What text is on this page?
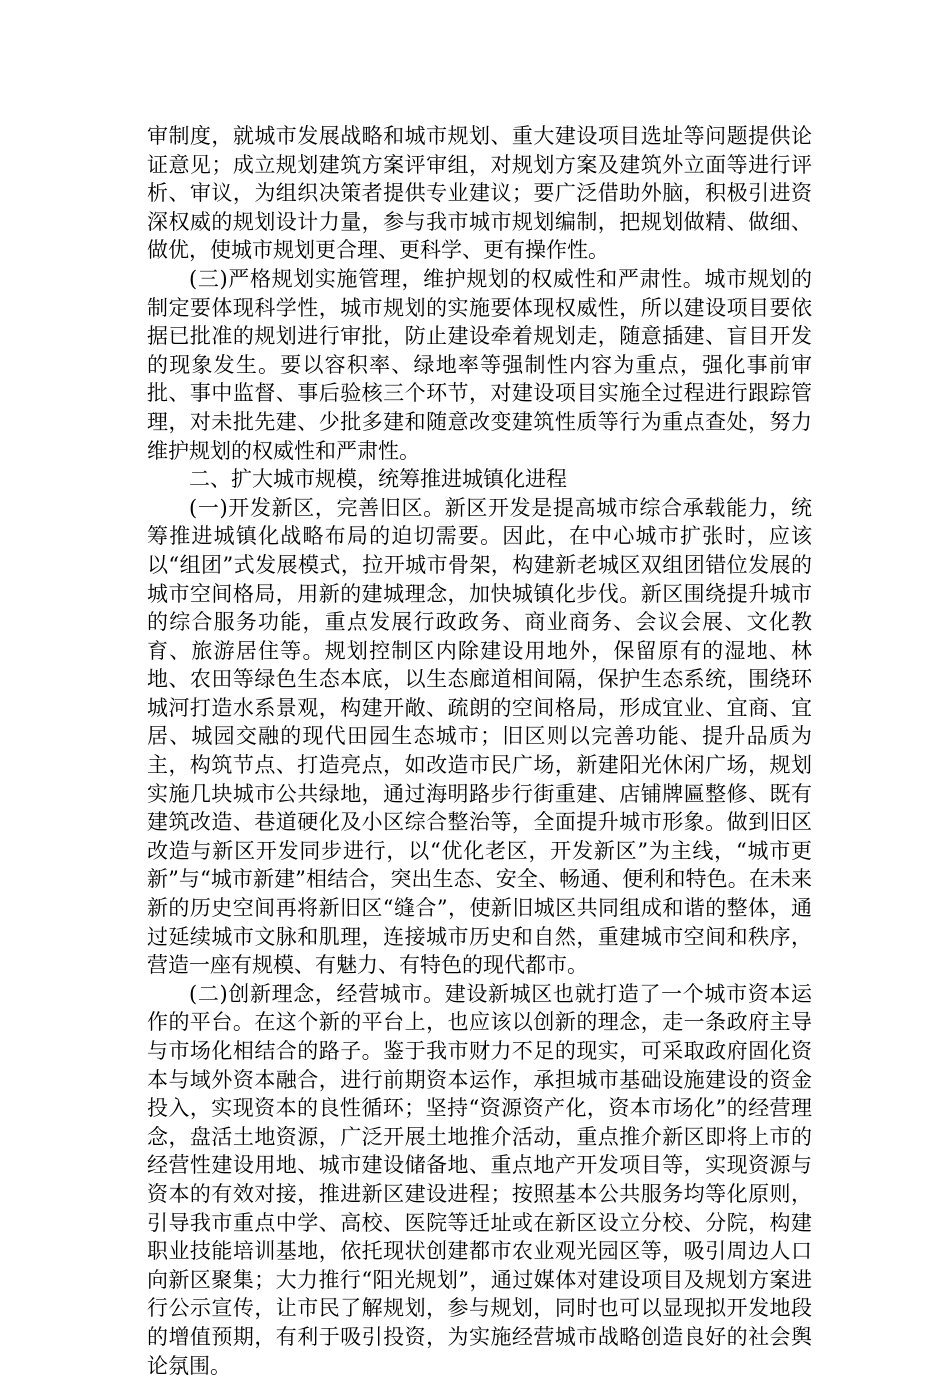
审制度，就城市发展战略和城市规划、重大建设项目选址等问题提供论证意见；成立规划建筑方案评审组，对规划方案及建筑外立面等进行评析、审议，为组织决策者提供专业建议；要广泛借助外脑，积极引进资深权威的规划设计力量，参与我市城市规划编制，把规划做精、做细、做优，使城市规划更合理、更科学、更有操作性。

(三)严格规划实施管理，维护规划的权威性和严肃性。城市规划的制定要体现科学性，城市规划的实施要体现权威性，所以建设项目要依据已批准的规划进行审批，防止建设牵着规划走，随意插建、盲目开发的现象发生。要以容积率、绿地率等强制性内容为重点，强化事前审批、事中监督、事后验核三个环节，对建设项目实施全过程进行跟踪管理，对未批先建、少批多建和随意改变建筑性质等行为重点查处，努力维护规划的权威性和严肃性。

二、扩大城市规模，统筹推进城镇化进程

(一)开发新区，完善旧区。新区开发是提高城市综合承载能力，统筹推进城镇化战略布局的迫切需要。因此，在中心城市扩张时，应该以“组团”式发展模式，拉开城市骨架，构建新老城区双组团错位发展的城市空间格局，用新的建城理念，加快城镇化步伐。新区围绕提升城市的综合服务功能，重点发展行政政务、商业商务、会议会展、文化教育、旅游居住等。规划控制区内除建设用地外，保留原有的湿地、林地、农田等绿色生态本底，以生态廊道相间隔，保护生态系统，围绕环城河打造水系景观，构建开敞、疏朗的空间格局，形成宜业、宜商、宜居、城园交融的现代田园生态城市；旧区则以完善功能、提升品质为主，构筑节点、打造亮点，如改造市民广场，新建阳光休闲广场，规划实施几块城市公共绿地，通过海明路步行街重建、店铺牌匾整修、既有建筑改造、巷道硬化及小区综合整治等，全面提升城市形象。做到旧区改造与新区开发同步进行，以“优化老区，开发新区”为主线，“城市更新”与“城市新建”相结合，突出生态、安全、畅通、便利和特色。在未来新的历史空间再将新旧区“缝合”，使新旧城区共同组成和谐的整体，通过延续城市文脉和肌理，连接城市历史和自然，重建城市空间和秩序，营造一座有规模、有魅力、有特色的现代都市。

(二)创新理念，经营城市。建设新城区也就打造了一个城市资本运作的平台。在这个新的平台上，也应该以创新的理念，走一条政府主导与市场化相结合的路子。鉴于我市财力不足的现实，可采取政府固化资本与域外资本融合，进行前期资本运作，承担城市基础设施建设的资金投入，实现资本的良性循环；坚持“资源资产化，资本市场化”的经营理念，盘活土地资源，广泛开展土地推介活动，重点推介新区即将上市的经营性建设用地、城市建设储备地、重点地产开发项目等，实现资源与资本的有效对接，推进新区建设进程；按照基本公共服务均等化原则，引导我市重点中学、高校、医院等迁址或在新区设立分校、分院，构建职业技能培训基地，依托现状创建都市农业观光园区等，吸引周边人口向新区聚集；大力推行“阳光规划”，通过媒体对建设项目及规划方案进行公示宣传，让市民了解规划，参与规划，同时也可以显现拟开发地段的增值预期，有利于吸引投资，为实施经营城市战略创造良好的社会舆论氛围。
